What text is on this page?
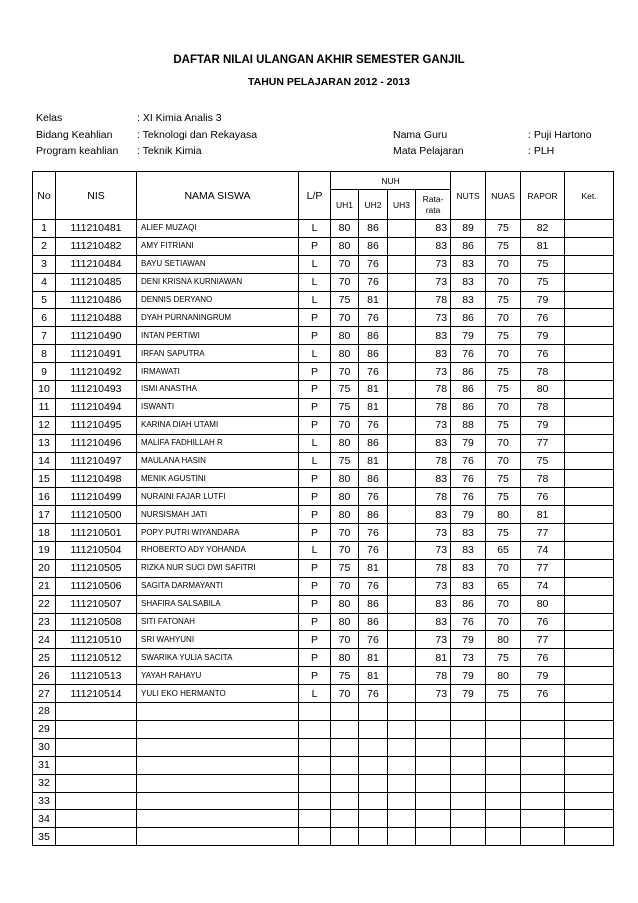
DAFTAR NILAI ULANGAN AKHIR SEMESTER GANJIL
TAHUN PELAJARAN 2012 - 2013
Kelas	: XI Kimia Analis 3
Bidang Keahlian : Teknologi dan Rekayasa
Program keahlian : Teknik Kimia
Nama Guru	: Puji Hartono
Mata Pelajaran	: PLH
No	NIS	NAMA SISWA	L/P	NUH				NUTS	NUAS	RAPOR	Ket.
				UH1	UH2	UH3	Rata-rata				
1	111210481	ALIEF MUZAQI	L	80	86		83	89	75	82	
2	111210482	AMY FITRIANI	P	80	86		83	86	75	81	
3	111210484	BAYU SETIAWAN	L	70	76		73	83	70	75	
4	111210485	DENI KRISNA KURNIAWAN	L	70	76		73	83	70	75	
5	111210486	DENNIS DERYANO	L	75	81		78	83	75	79	
6	111210488	DYAH PURNANINGRUM	P	70	76		73	86	70	76	
7	111210490	INTAN PERTIWI	P	80	86		83	79	75	79	
8	111210491	IRFAN SAPUTRA	L	80	86		83	76	70	76	
9	111210492	IRMAWATI	P	70	76		73	86	75	78	
10	111210493	ISMI ANASTHA	P	75	81		78	86	75	80	
11	111210494	ISWANTI	P	75	81		78	86	70	78	
12	111210495	KARINA DIAH UTAMI	P	70	76		73	88	75	79	
13	111210496	MALIFA FADHILLAH R	L	80	86		83	79	70	77	
14	111210497	MAULANA HASIN	L	75	81		78	76	70	75	
15	111210498	MENIK AGUSTINI	P	80	86		83	76	75	78	
16	111210499	NURAINI FAJAR LUTFI	P	80	76		78	76	75	76	
17	111210500	NURSISMAH JATI	P	80	86		83	79	80	81	
18	111210501	POPY PUTRI WIYANDARA	P	70	76		73	83	75	77	
19	111210504	RHOBERTO ADY YOHANDA	L	70	76		73	83	65	74	
20	111210505	RIZKA NUR SUCI DWI SAFITRI	P	75	81		78	83	70	77	
21	111210506	SAGITA DARMAYANTI	P	70	76		73	83	65	74	
22	111210507	SHAFIRA SALSABILA	P	80	86		83	86	70	80	
23	111210508	SITI FATONAH	P	80	86		83	76	70	76	
24	111210510	SRI WAHYUNI	P	70	76		73	79	80	77	
25	111210512	SWARIKA YULIA SACITA	P	80	81		81	73	75	76	
26	111210513	YAYAH RAHAYU	P	75	81		78	79	80	79	
27	111210514	YULI EKO HERMANTO	L	70	76		73	79	75	76	
28											
29											
30											
31											
32											
33											
34											
35											
